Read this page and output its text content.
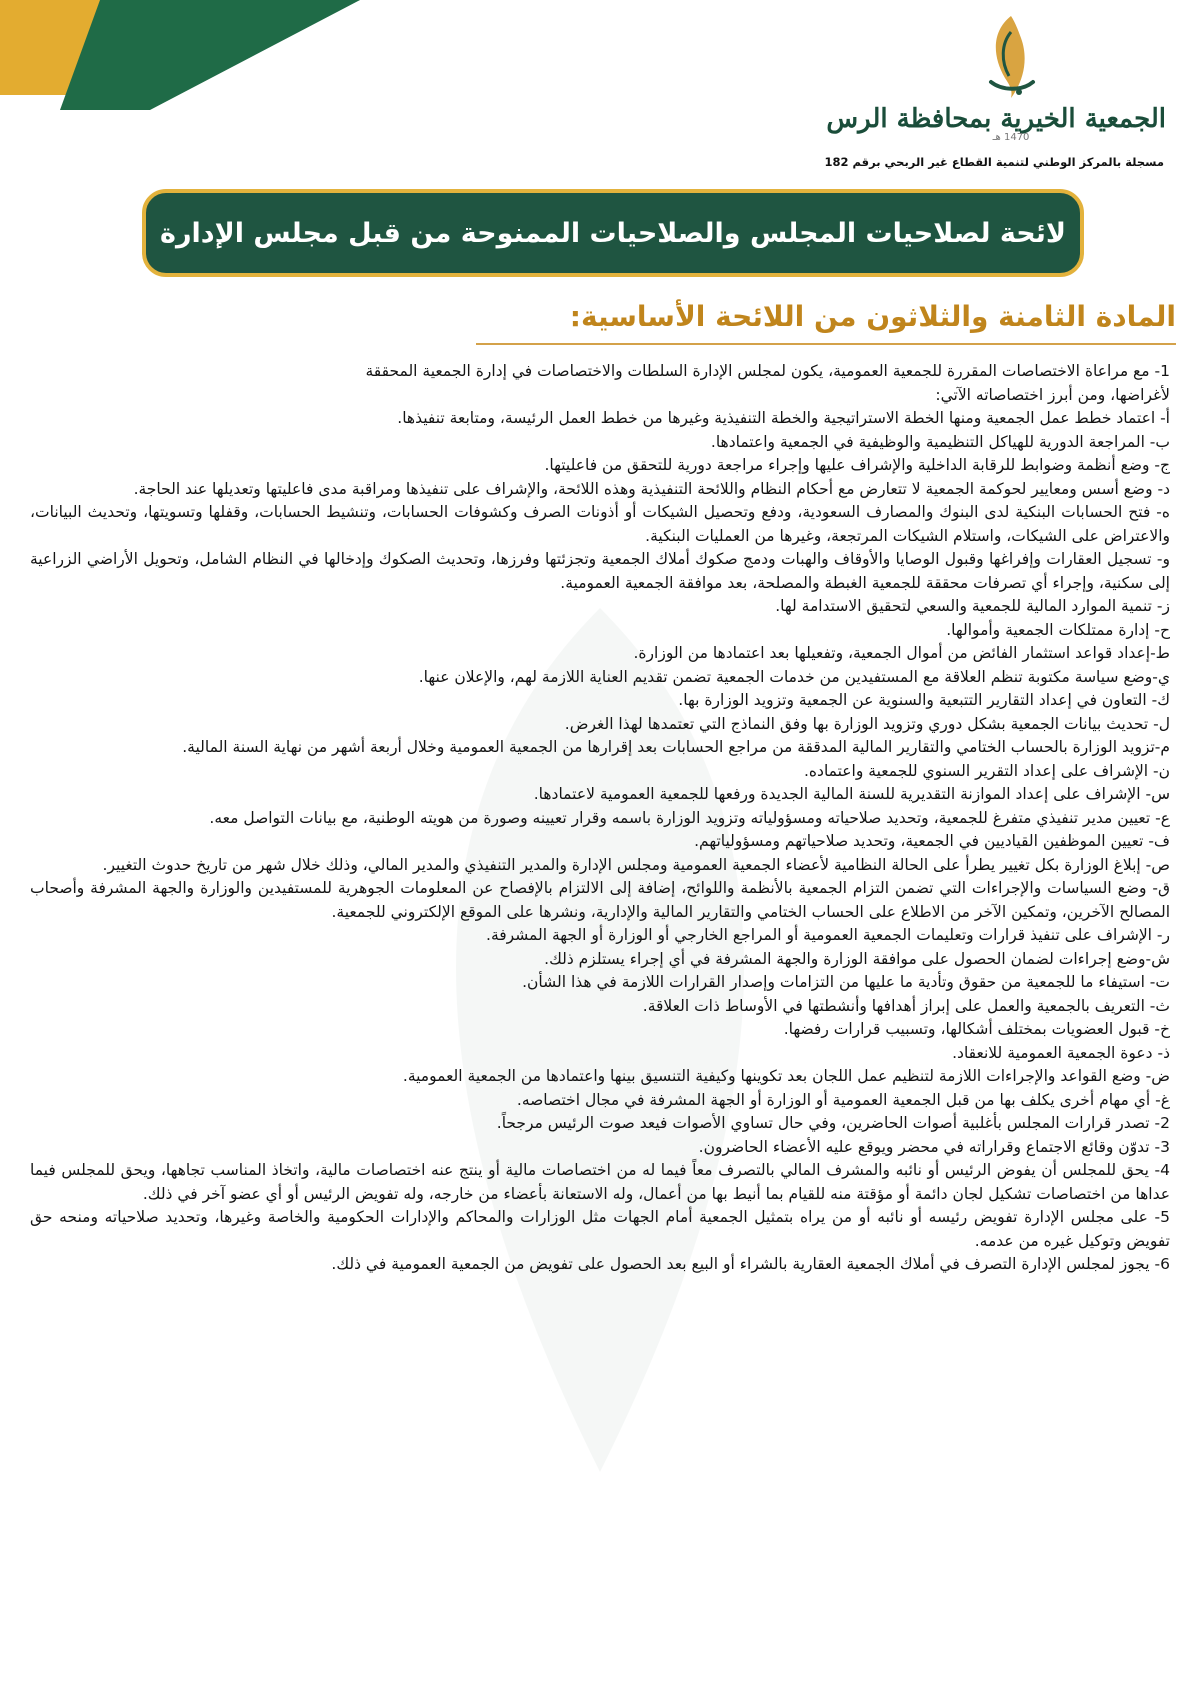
الجمعية الخيرية بمحافظة الرس
1470 هـ
مسجلة بالمركز الوطني لتنمية القطاع غير الربحي برقم 182
لائحة لصلاحيات المجلس والصلاحيات الممنوحة من قبل مجلس الإدارة
المادة الثامنة والثلاثون من اللائحة الأساسية:

1- مع مراعاة الاختصاصات المقررة للجمعية العمومية، يكون لمجلس الإدارة السلطات والاختصاصات في إدارة الجمعية المحققة

لأغراضها، ومن أبرز اختصاصاته الآتي:

أ- اعتماد خطط عمل الجمعية ومنها الخطة الاستراتيجية والخطة التنفيذية وغيرها من خطط العمل الرئيسة، ومتابعة تنفيذها.

ب- المراجعة الدورية للهياكل التنظيمية والوظيفية في الجمعية واعتمادها.

ج- وضع أنظمة وضوابط للرقابة الداخلية والإشراف عليها وإجراء مراجعة دورية للتحقق من فاعليتها.

د- وضع أسس ومعايير لحوكمة الجمعية لا تتعارض مع أحكام النظام واللائحة التنفيذية وهذه اللائحة، والإشراف على تنفيذها ومراقبة مدى فاعليتها وتعديلها عند الحاجة.

ه- فتح الحسابات البنكية لدى البنوك والمصارف السعودية، ودفع وتحصيل الشيكات أو أذونات الصرف وكشوفات الحسابات، وتنشيط الحسابات، وقفلها وتسويتها، وتحديث البيانات، والاعتراض على الشيكات، واستلام الشيكات المرتجعة، وغيرها من العمليات البنكية.

و- تسجيل العقارات وإفراغها وقبول الوصايا والأوقاف والهبات ودمج صكوك أملاك الجمعية وتجزئتها وفرزها، وتحديث الصكوك وإدخالها في النظام الشامل، وتحويل الأراضي الزراعية إلى سكنية، وإجراء أي تصرفات محققة للجمعية الغبطة والمصلحة، بعد موافقة الجمعية العمومية.

ز- تنمية الموارد المالية للجمعية والسعي لتحقيق الاستدامة لها.

ح- إدارة ممتلكات الجمعية وأموالها.

ط-إعداد قواعد استثمار الفائض من أموال الجمعية، وتفعيلها بعد اعتمادها من الوزارة.

ي-وضع سياسة مكتوبة تنظم العلاقة مع المستفيدين من خدمات الجمعية تضمن تقديم العناية اللازمة لهم، والإعلان عنها.

ك- التعاون في إعداد التقارير التتبعية والسنوية عن الجمعية وتزويد الوزارة بها.

ل- تحديث بيانات الجمعية بشكل دوري وتزويد الوزارة بها وفق النماذج التي تعتمدها لهذا الغرض.

م-تزويد الوزارة بالحساب الختامي والتقارير المالية المدققة من مراجع الحسابات بعد إقرارها من الجمعية العمومية وخلال أربعة أشهر من نهاية السنة المالية.

ن- الإشراف على إعداد التقرير السنوي للجمعية واعتماده.

س- الإشراف على إعداد الموازنة التقديرية للسنة المالية الجديدة ورفعها للجمعية العمومية لاعتمادها.

ع- تعيين مدير تنفيذي متفرغ للجمعية، وتحديد صلاحياته ومسؤولياته وتزويد الوزارة باسمه وقرار تعيينه وصورة من هويته الوطنية، مع بيانات التواصل معه.

ف- تعيين الموظفين القياديين في الجمعية، وتحديد صلاحياتهم ومسؤولياتهم.

ص- إبلاغ الوزارة بكل تغيير يطرأ على الحالة النظامية لأعضاء الجمعية العمومية ومجلس الإدارة والمدير التنفيذي والمدير المالي، وذلك خلال شهر من تاريخ حدوث التغيير.

ق- وضع السياسات والإجراءات التي تضمن التزام الجمعية بالأنظمة واللوائح، إضافة إلى الالتزام بالإفصاح عن المعلومات الجوهرية للمستفيدين والوزارة والجهة المشرفة وأصحاب المصالح الآخرين، وتمكين الآخر من الاطلاع على الحساب الختامي والتقارير المالية والإدارية، ونشرها على الموقع الإلكتروني للجمعية.

ر- الإشراف على تنفيذ قرارات وتعليمات الجمعية العمومية أو المراجع الخارجي أو الوزارة أو الجهة المشرفة.

ش-وضع إجراءات لضمان الحصول على موافقة الوزارة والجهة المشرفة في أي إجراء يستلزم ذلك.

ت- استيفاء ما للجمعية من حقوق وتأدية ما عليها من التزامات وإصدار القرارات اللازمة في هذا الشأن.

ث- التعريف بالجمعية والعمل على إبراز أهدافها وأنشطتها في الأوساط ذات العلاقة.

خ- قبول العضويات بمختلف أشكالها، وتسبيب قرارات رفضها.

ذ- دعوة الجمعية العمومية للانعقاد.

ض- وضع القواعد والإجراءات اللازمة لتنظيم عمل اللجان بعد تكوينها وكيفية التنسيق بينها واعتمادها من الجمعية العمومية.

غ- أي مهام أخرى يكلف بها من قبل الجمعية العمومية أو الوزارة أو الجهة المشرفة في مجال اختصاصه.

2- تصدر قرارات المجلس بأغلبية أصوات الحاضرين، وفي حال تساوي الأصوات فيعد صوت الرئيس مرجحاً.

3- تدوّن وقائع الاجتماع وقراراته في محضر ويوقع عليه الأعضاء الحاضرون.

4- يحق للمجلس أن يفوض الرئيس أو نائبه والمشرف المالي بالتصرف معاً فيما له من اختصاصات مالية أو ينتج عنه اختصاصات مالية، واتخاذ المناسب تجاهها، ويحق للمجلس فيما عداها من اختصاصات تشكيل لجان دائمة أو مؤقتة منه للقيام بما أنيط بها من أعمال، وله الاستعانة بأعضاء من خارجه، وله تفويض الرئيس أو أي عضو آخر في ذلك.

5- على مجلس الإدارة تفويض رئيسه أو نائبه أو من يراه بتمثيل الجمعية أمام الجهات مثل الوزارات والمحاكم والإدارات الحكومية والخاصة وغيرها، وتحديد صلاحياته ومنحه حق تفويض وتوكيل غيره من عدمه.

6- يجوز لمجلس الإدارة التصرف في أملاك الجمعية العقارية بالشراء أو البيع بعد الحصول على تفويض من الجمعية العمومية في ذلك.
